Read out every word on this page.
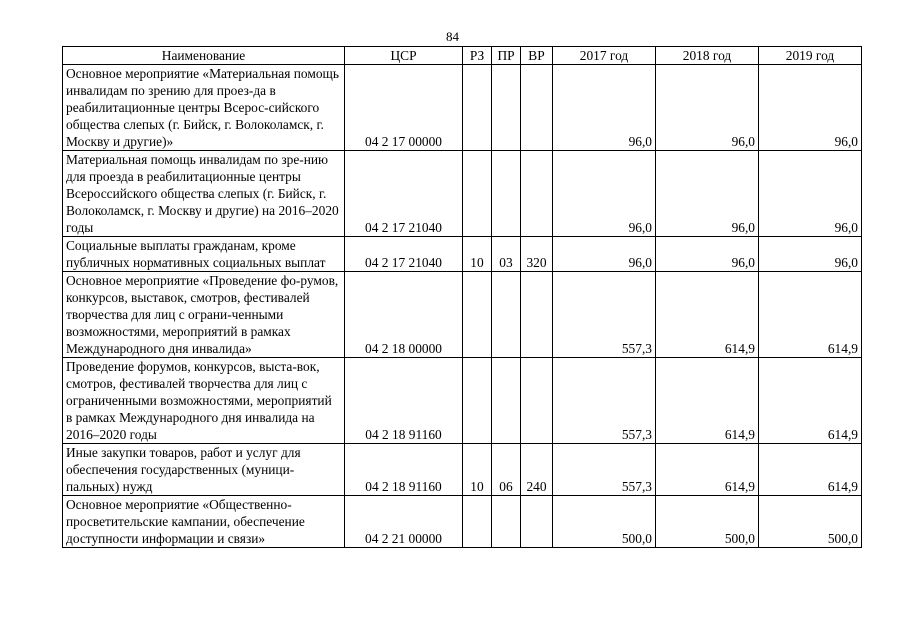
84
Наименование	ЦСР	РЗ	ПР	ВР	2017 год	2018 год	2019 год
Основное мероприятие «Материальная помощь инвалидам по зрению для проез-да в реабилитационные центры Всерос-сийского общества слепых (г. Бийск, г. Волоколамск, г. Москву и другие)»	04 2 17 00000				96,0	96,0	96,0
Материальная помощь инвалидам по зре-нию для проезда в реабилитационные центры Всероссийского общества слепых (г. Бийск, г. Волоколамск, г. Москву и другие) на 2016–2020 годы	04 2 17 21040				96,0	96,0	96,0
Социальные выплаты гражданам, кроме публичных нормативных социальных выплат	04 2 17 21040	10	03	320	96,0	96,0	96,0
Основное мероприятие «Проведение фо-румов, конкурсов, выставок, смотров, фестивалей творчества для лиц с ограни-ченными возможностями, мероприятий в рамках Международного дня инвалида»	04 2 18 00000				557,3	614,9	614,9
Проведение форумов, конкурсов, выста-вок, смотров, фестивалей творчества для лиц с ограниченными возможностями, мероприятий в рамках Международного дня инвалида на 2016–2020 годы	04 2 18 91160				557,3	614,9	614,9
Иные закупки товаров, работ и услуг для обеспечения государственных (муници-пальных) нужд	04 2 18 91160	10	06	240	557,3	614,9	614,9
Основное мероприятие «Общественно-просветительские кампании, обеспечение доступности информации и связи»	04 2 21 00000				500,0	500,0	500,0
